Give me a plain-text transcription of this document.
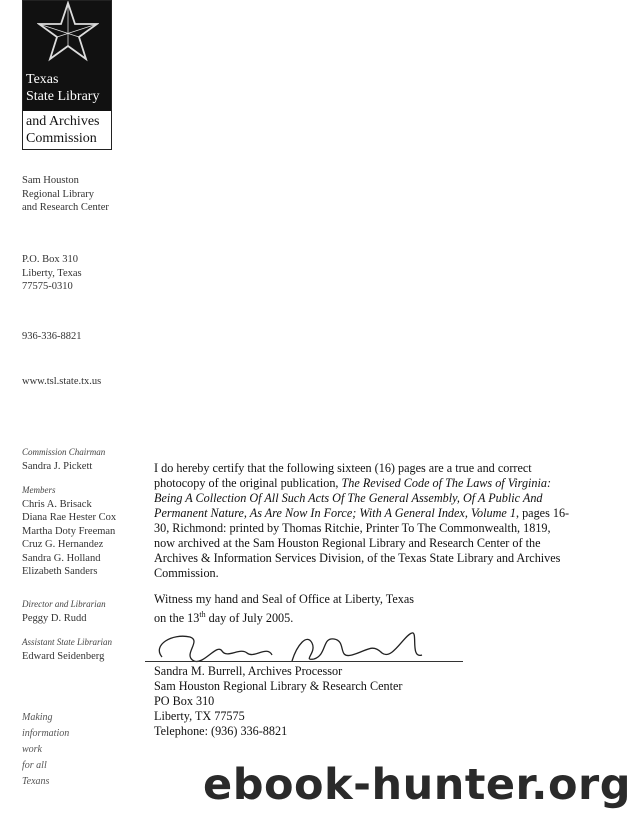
Texas
State Library
and Archives
Commission
Sam Houston
Regional Library
and Research Center
P.O. Box 310
Liberty, Texas
77575-0310
936-336-8821
www.tsl.state.tx.us
Commission Chairman
Sandra J. Pickett
Members
Chris A. Brisack
Diana Rae Hester Cox
Martha Doty Freeman
Cruz G. Hernandez
Sandra G. Holland
Elizabeth Sanders
Director and Librarian
Peggy D. Rudd
Assistant State Librarian
Edward Seidenberg
Making
information
work
for all
Texans
I do hereby certify that the following sixteen (16) pages are a true and correct photocopy of the original publication, The Revised Code of The Laws of Virginia: Being A Collection Of All Such Acts Of The General Assembly, Of A Public And Permanent Nature, As Are Now In Force; With A General Index, Volume 1, pages 16-30, Richmond: printed by Thomas Ritchie, Printer To The Commonwealth, 1819, now archived at the Sam Houston Regional Library and Research Center of the Archives & Information Services Division, of the Texas State Library and Archives Commission.
Witness my hand and Seal of Office at Liberty, Texas
on the 13th day of July 2005.
Sandra M. Burrell, Archives Processor
Sam Houston Regional Library & Research Center
PO Box 310
Liberty, TX 77575
Telephone: (936) 336-8821
ebook-hunter.org
